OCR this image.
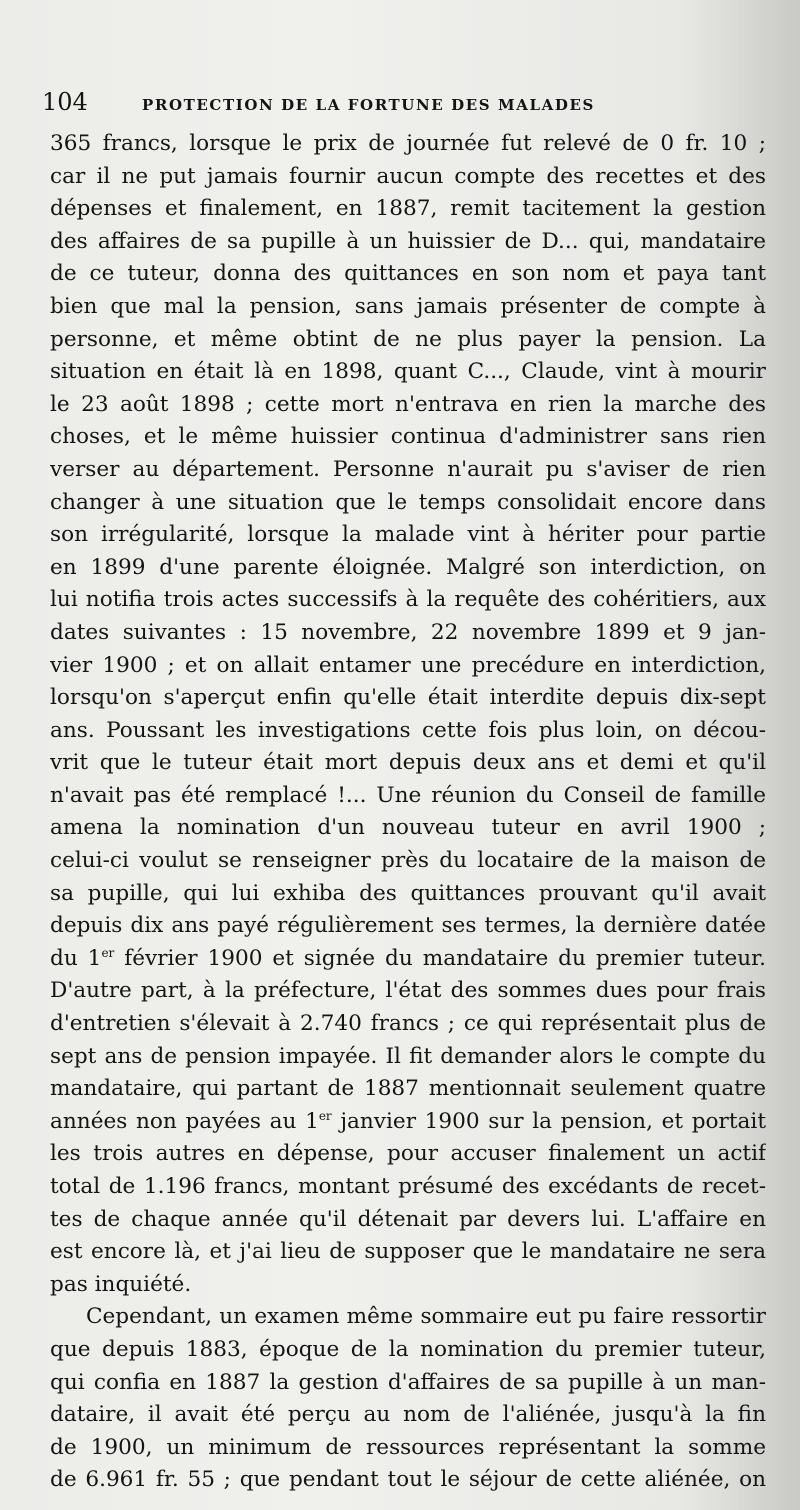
104	PROTECTION DE LA FORTUNE DES MALADES
365 francs, lorsque le prix de journée fut relevé de 0 fr. 10 ;
car il ne put jamais fournir aucun compte des recettes et des
dépenses et finalement, en 1887, remit tacitement la gestion
des affaires de sa pupille à un huissier de D... qui, mandataire
de ce tuteur, donna des quittances en son nom et paya tant
bien que mal la pension, sans jamais présenter de compte à
personne, et même obtint de ne plus payer la pension. La
situation en était là en 1898, quant C..., Claude, vint à mourir
le 23 août 1898 ; cette mort n'entrava en rien la marche des
choses, et le même huissier continua d'administrer sans rien
verser au département. Personne n'aurait pu s'aviser de rien
changer à une situation que le temps consolidait encore dans
son irrégularité, lorsque la malade vint à hériter pour partie
en 1899 d'une parente éloignée. Malgré son interdiction, on
lui notifia trois actes successifs à la requête des cohéritiers, aux
dates suivantes : 15 novembre, 22 novembre 1899 et 9 jan-
vier 1900 ; et on allait entamer une precédure en interdiction,
lorsqu'on s'aperçut enfin qu'elle était interdite depuis dix-sept
ans. Poussant les investigations cette fois plus loin, on décou-
vrit que le tuteur était mort depuis deux ans et demi et qu'il
n'avait pas été remplacé !... Une réunion du Conseil de famille
amena la nomination d'un nouveau tuteur en avril 1900 ;
celui-ci voulut se renseigner près du locataire de la maison de
sa pupille, qui lui exhiba des quittances prouvant qu'il avait
depuis dix ans payé régulièrement ses termes, la dernière datée
du 1er février 1900 et signée du mandataire du premier tuteur.
D'autre part, à la préfecture, l'état des sommes dues pour frais
d'entretien s'élevait à 2.740 francs ; ce qui représentait plus de
sept ans de pension impayée. Il fit demander alors le compte du
mandataire, qui partant de 1887 mentionnait seulement quatre
années non payées au 1er janvier 1900 sur la pension, et portait
les trois autres en dépense, pour accuser finalement un actif
total de 1.196 francs, montant présumé des excédants de recet-
tes de chaque année qu'il détenait par devers lui. L'affaire en
est encore là, et j'ai lieu de supposer que le mandataire ne sera
pas inquiété.
Cependant, un examen même sommaire eut pu faire ressortir
que depuis 1883, époque de la nomination du premier tuteur,
qui confia en 1887 la gestion d'affaires de sa pupille à un man-
dataire, il avait été perçu au nom de l'aliénée, jusqu'à la fin
de 1900, un minimum de ressources représentant la somme
de 6.961 fr. 55 ; que pendant tout le séjour de cette aliénée, on
